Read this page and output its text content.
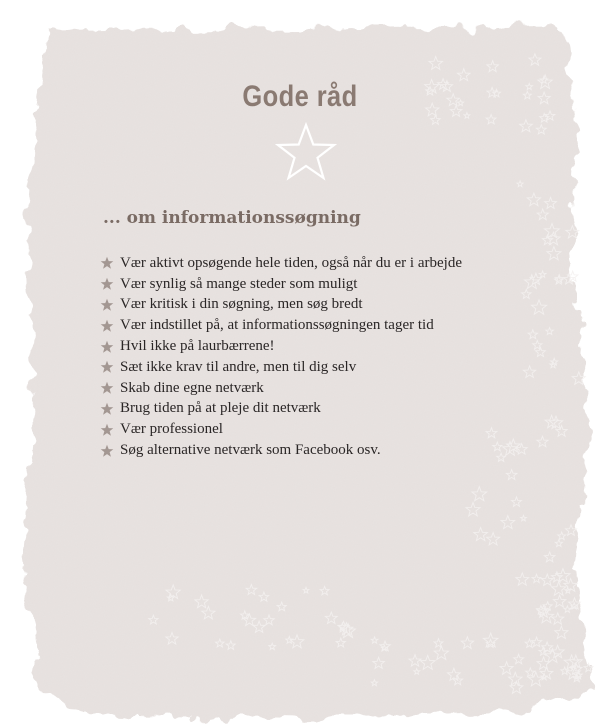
Gode råd
... om informationssøgning
Vær aktivt opsøgende hele tiden, også når du er i arbejde
Vær synlig så mange steder som muligt
Vær kritisk i din søgning, men søg bredt
Vær indstillet på, at informationssøgningen tager tid
Hvil ikke på laurbærrene!
Sæt ikke krav til andre, men til dig selv
Skab dine egne netværk
Brug tiden på at pleje dit netværk
Vær professionel
Søg alternative netværk som Facebook osv.
